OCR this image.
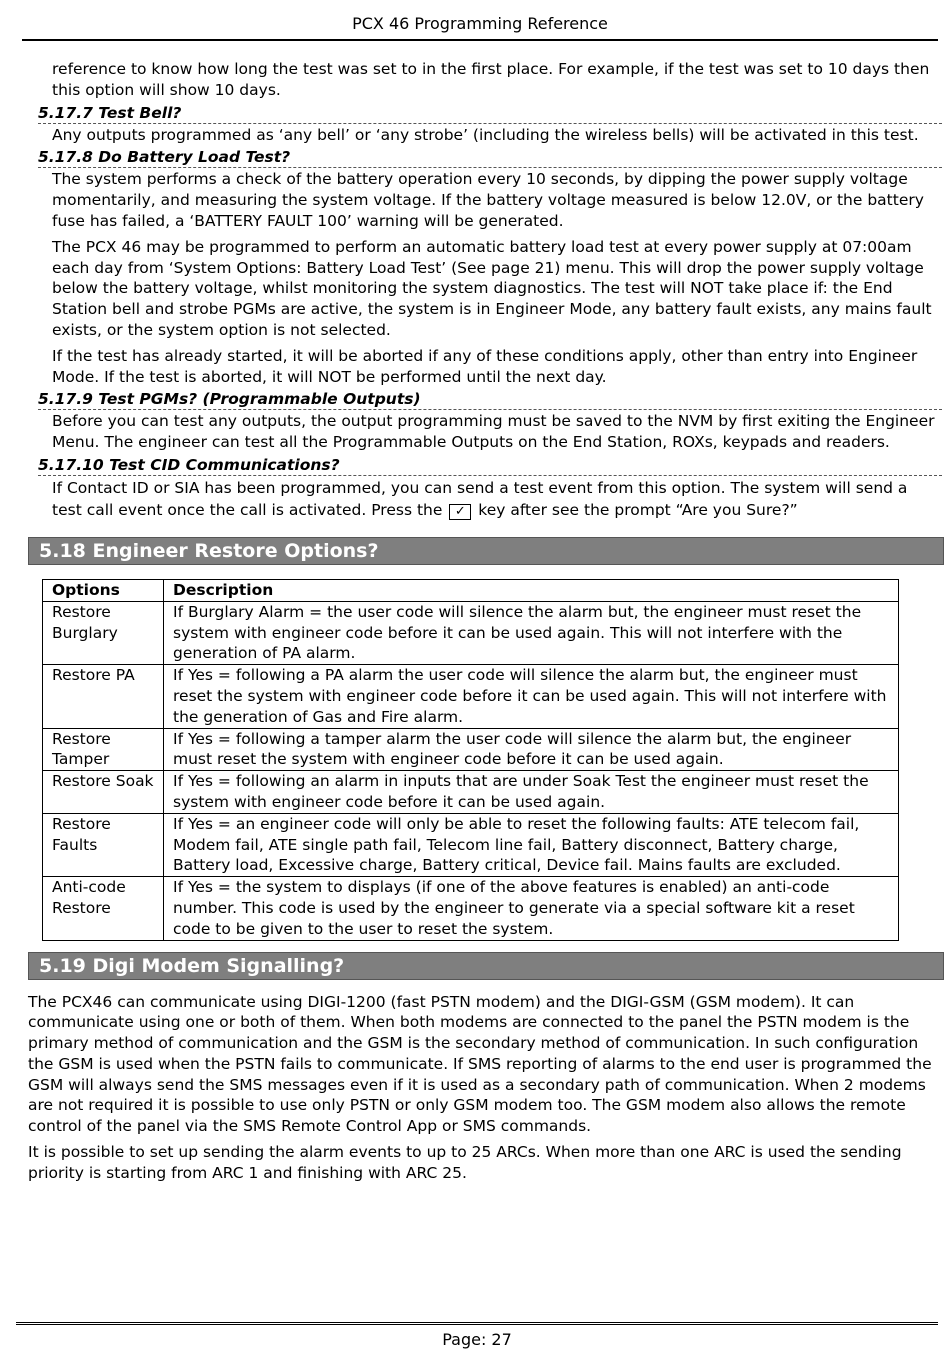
PCX 46 Programming Reference

reference to know how long the test was set to in the first place. For example, if the test was set to 10 days then this option will show 10 days.

5.17.7 Test Bell?

Any outputs programmed as ‘any bell’ or ‘any strobe’ (including the wireless bells) will be activated in this test.

5.17.8 Do Battery Load Test?

The system performs a check of the battery operation every 10 seconds, by dipping the power supply voltage momentarily, and measuring the system voltage. If the battery voltage measured is below 12.0V, or the battery fuse has failed, a ‘BATTERY FAULT 100’ warning will be generated.

The PCX 46 may be programmed to perform an automatic battery load test at every power supply at 07:00am each day from ‘System Options: Battery Load Test’ (See page 21) menu. This will drop the power supply voltage below the battery voltage, whilst monitoring the system diagnostics. The test will NOT take place if: the End Station bell and strobe PGMs are active, the system is in Engineer Mode, any battery fault exists, any mains fault exists, or the system option is not selected.

If the test has already started, it will be aborted if any of these conditions apply, other than entry into Engineer Mode. If the test is aborted, it will NOT be performed until the next day.

5.17.9 Test PGMs? (Programmable Outputs)

Before you can test any outputs, the output programming must be saved to the NVM by first exiting the Engineer Menu. The engineer can test all the Programmable Outputs on the End Station, ROXs, keypads and readers.

5.17.10 Test CID Communications?

If Contact ID or SIA has been programmed, you can send a test event from this option. The system will send a test call event once the call is activated. Press the ✓ key after see the prompt “Are you Sure?”

5.18 Engineer Restore Options?
Options	Description
Restore Burglary	If Burglary Alarm = the user code will silence the alarm but, the engineer must reset the system with engineer code before it can be used again. This will not interfere with the generation of PA alarm.
Restore PA	If Yes = following a PA alarm the user code will silence the alarm but, the engineer must reset the system with engineer code before it can be used again. This will not interfere with the generation of Gas and Fire alarm.
Restore Tamper	If Yes = following a tamper alarm the user code will silence the alarm but, the engineer must reset the system with engineer code before it can be used again.
Restore Soak	If Yes = following an alarm in inputs that are under Soak Test the engineer must reset the system with engineer code before it can be used again.
Restore Faults	If Yes = an engineer code will only be able to reset the following faults: ATE telecom fail, Modem fail, ATE single path fail, Telecom line fail, Battery disconnect, Battery charge, Battery load, Excessive charge, Battery critical, Device fail. Mains faults are excluded.
Anti-code Restore	If Yes = the system to displays (if one of the above features is enabled) an anti-code number. This code is used by the engineer to generate via a special software kit a reset code to be given to the user to reset the system.
5.19 Digi Modem Signalling?

The PCX46 can communicate using DIGI-1200 (fast PSTN modem) and the DIGI-GSM (GSM modem). It can communicate using one or both of them. When both modems are connected to the panel the PSTN modem is the primary method of communication and the GSM is the secondary method of communication. In such configuration the GSM is used when the PSTN fails to communicate. If SMS reporting of alarms to the end user is programmed the GSM will always send the SMS messages even if it is used as a secondary path of communication. When 2 modems are not required it is possible to use only PSTN or only GSM modem too. The GSM modem also allows the remote control of the panel via the SMS Remote Control App or SMS commands.

It is possible to set up sending the alarm events to up to 25 ARCs. When more than one ARC is used the sending priority is starting from ARC 1 and finishing with ARC 25.

Page: 27
